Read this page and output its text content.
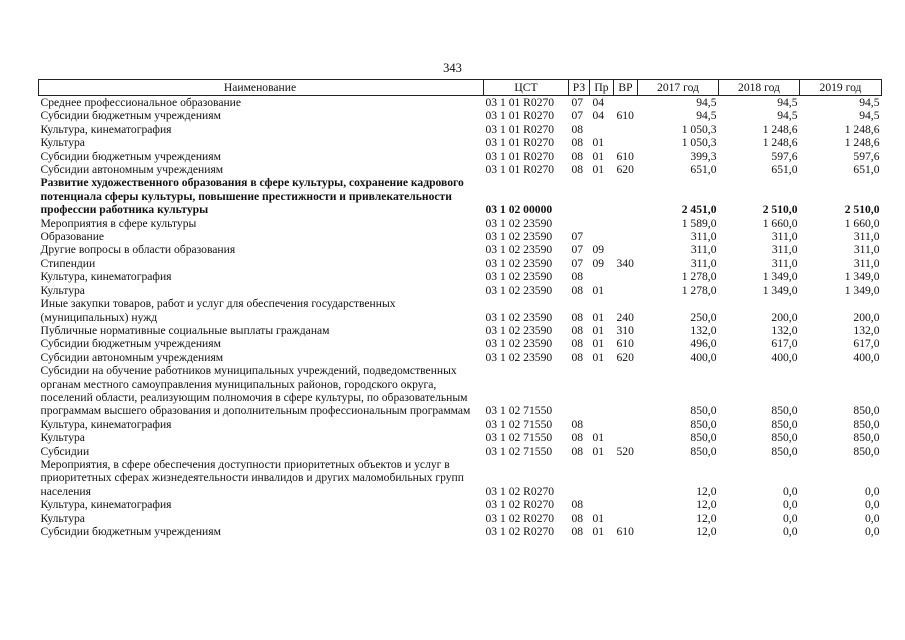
343
Наименование	ЦСТ	РЗ	Пр	ВР	2017 год	2018 год	2019 год
Среднее профессиональное образование	03 1 01 R0270	07	04		94,5	94,5	94,5
Субсидии бюджетным учреждениям	03 1 01 R0270	07	04	610	94,5	94,5	94,5
Культура, кинематография	03 1 01 R0270	08			1 050,3	1 248,6	1 248,6
Культура	03 1 01 R0270	08	01		1 050,3	1 248,6	1 248,6
Субсидии бюджетным учреждениям	03 1 01 R0270	08	01	610	399,3	597,6	597,6
Субсидии автономным учреждениям	03 1 01 R0270	08	01	620	651,0	651,0	651,0
Развитие художественного образования в сфере культуры, сохранение кадрового потенциала сферы культуры, повышение престижности и привлекательности профессии работника культуры	03 1 02 00000				2 451,0	2 510,0	2 510,0
Мероприятия в сфере культуры	03 1 02 23590				1 589,0	1 660,0	1 660,0
Образование	03 1 02 23590	07			311,0	311,0	311,0
Другие вопросы в области образования	03 1 02 23590	07	09		311,0	311,0	311,0
Стипендии	03 1 02 23590	07	09	340	311,0	311,0	311,0
Культура, кинематография	03 1 02 23590	08			1 278,0	1 349,0	1 349,0
Культура	03 1 02 23590	08	01		1 278,0	1 349,0	1 349,0
Иные закупки товаров, работ и услуг для обеспечения государственных (муниципальных) нужд	03 1 02 23590	08	01	240	250,0	200,0	200,0
Публичные нормативные социальные выплаты гражданам	03 1 02 23590	08	01	310	132,0	132,0	132,0
Субсидии бюджетным учреждениям	03 1 02 23590	08	01	610	496,0	617,0	617,0
Субсидии автономным учреждениям	03 1 02 23590	08	01	620	400,0	400,0	400,0
Субсидии на обучение работников муниципальных учреждений, подведомственных органам местного самоуправления муниципальных районов, городского округа, поселений области, реализующим полномочия в сфере культуры, по образовательным программам высшего образования и дополнительным профессиональным программам	03 1 02 71550				850,0	850,0	850,0
Культура, кинематография	03 1 02 71550	08			850,0	850,0	850,0
Культура	03 1 02 71550	08	01		850,0	850,0	850,0
Субсидии	03 1 02 71550	08	01	520	850,0	850,0	850,0
Мероприятия, в сфере обеспечения доступности приоритетных объектов и услуг в приоритетных сферах жизнедеятельности инвалидов и других маломобильных групп населения	03 1 02 R0270				12,0	0,0	0,0
Культура, кинематография	03 1 02 R0270	08			12,0	0,0	0,0
Культура	03 1 02 R0270	08	01		12,0	0,0	0,0
Субсидии бюджетным учреждениям	03 1 02 R0270	08	01	610	12,0	0,0	0,0
